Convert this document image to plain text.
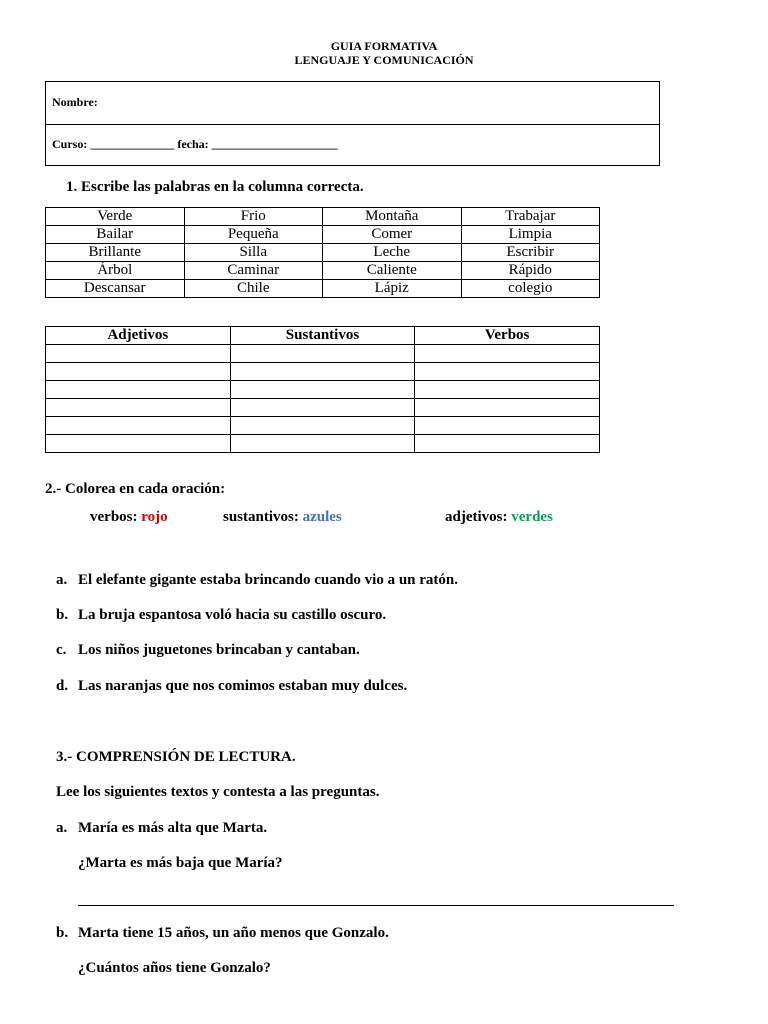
GUIA FORMATIVA
LENGUAJE Y COMUNICACIÓN
Nombre:
Curso: ______________ fecha: _____________________
1. Escribe las palabras en la columna correcta.
Verde	Frio	Montaña	Trabajar
Bailar	Pequeña	Comer	Limpia
Brillante	Silla	Leche	Escribir
Árbol	Caminar	Caliente	Rápido
Descansar	Chile	Lápiz	colegio
Adjetivos	Sustantivos	Verbos

2.- Colorea en cada oración:
verbos: rojo	sustantivos: azules	adjetivos: verdes
a. El elefante gigante estaba brincando cuando vio a un ratón.
b. La bruja espantosa voló hacia su castillo oscuro.
c. Los niños juguetones brincaban y cantaban.
d. Las naranjas que nos comimos estaban muy dulces.
3.- COMPRENSIÓN DE LECTURA.
Lee los siguientes textos y contesta a las preguntas.
a. María es más alta que Marta.
¿Marta es más baja que María?
b. Marta tiene 15 años, un año menos que Gonzalo.
¿Cuántos años tiene Gonzalo?
